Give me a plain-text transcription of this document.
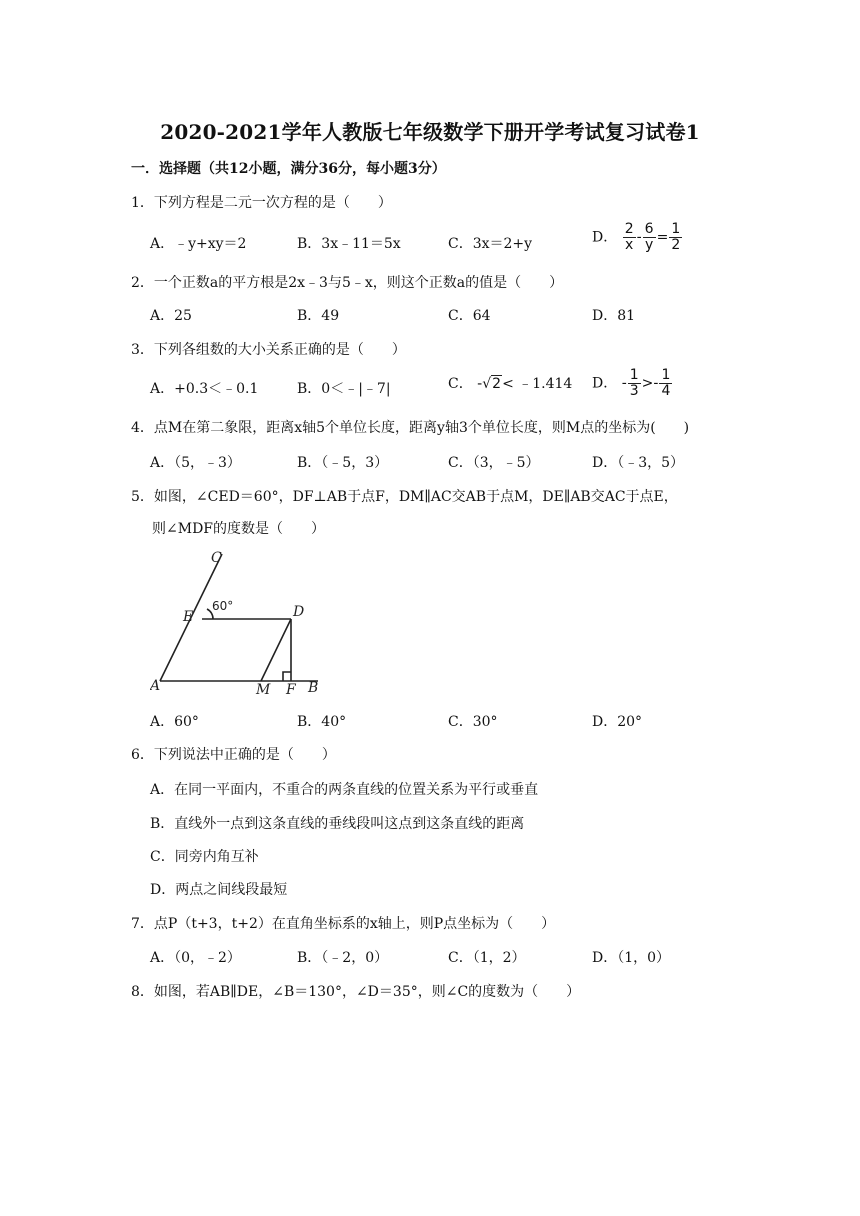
2020-2021学年人教版七年级数学下册开学考试复习试卷1
一．选择题（共12小题，满分36分，每小题3分）
1．下列方程是二元一次方程的是（　　）
A．﹣y+xy＝2	B．3x﹣11＝5x	C．3x＝2+y	D． $\frac{2}{x} - \frac{6}{y} = \frac{1}{2}$
2．一个正数a的平方根是2x﹣3与5﹣x，则这个正数a的值是（　　）
A．25	B．49	C．64	D．81
3．下列各组数的大小关系正确的是（　　）
A．+0.3＜﹣0.1	B．0＜﹣|﹣7|	C． -√2< ﹣1.414 D． - $\frac{1}{3} >- \frac{1}{4}$
4．点M在第二象限，距离x轴5个单位长度，距离y轴3个单位长度，则M点的坐标为(　　)
A．（5，﹣3）	B．（﹣5，3）	C．（3，﹣5）	D．（﹣3，5）
5．如图，∠CED＝60°，DF⊥AB于点F，DM∥AC交AB于点M，DE∥AB交AC于点E，
则∠MDF的度数是（　　）
C
E	D
A	M F B
60°
A．60°	B．40°	C．30°	D．20°
6．下列说法中正确的是（　　）
A．在同一平面内，不重合的两条直线的位置关系为平行或垂直
B．直线外一点到这条直线的垂线段叫这点到这条直线的距离
C．同旁内角互补
D．两点之间线段最短
7．点P（t+3，t+2）在直角坐标系的x轴上，则P点坐标为（　　）
A．（0，﹣2）	B．（﹣2，0）	C．（1，2）	D．（1，0）
8．如图，若AB∥DE，∠B＝130°，∠D＝35°，则∠C的度数为（　　）
